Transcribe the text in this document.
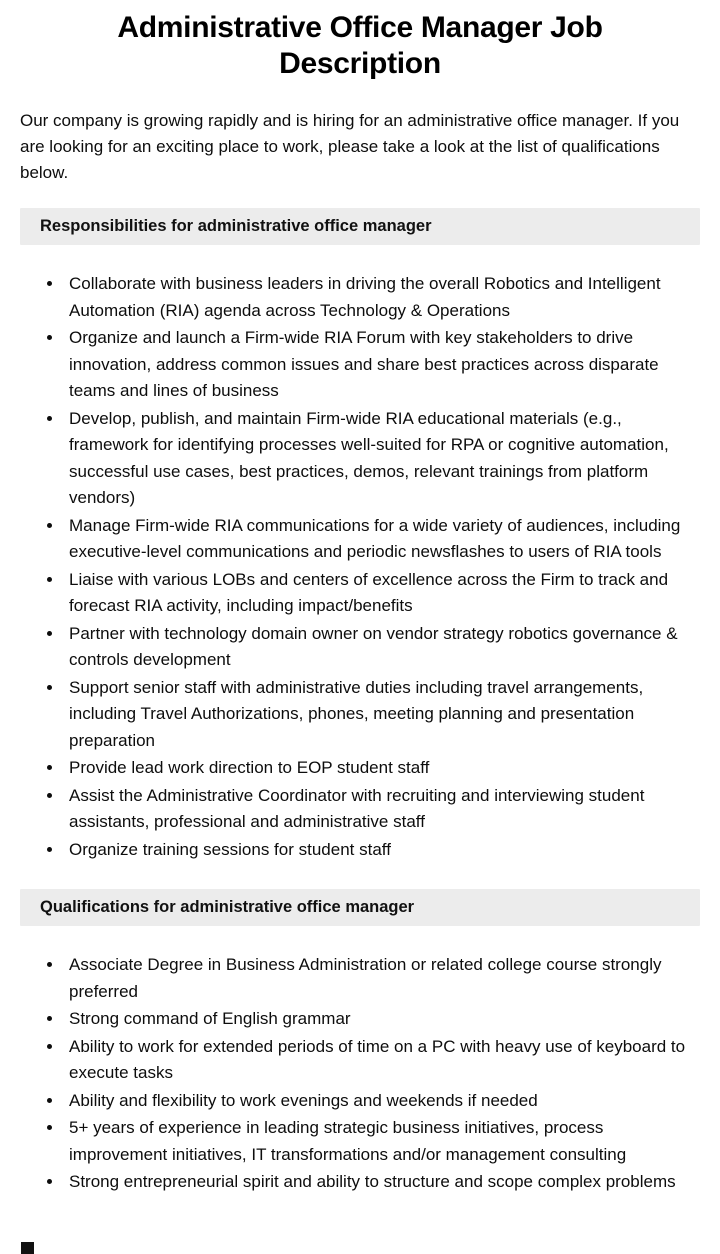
Administrative Office Manager Job Description

Our company is growing rapidly and is hiring for an administrative office manager. If you are looking for an exciting place to work, please take a look at the list of qualifications below.

Responsibilities for administrative office manager
• Collaborate with business leaders in driving the overall Robotics and Intelligent Automation (RIA) agenda across Technology & Operations
• Organize and launch a Firm-wide RIA Forum with key stakeholders to drive innovation, address common issues and share best practices across disparate teams and lines of business
• Develop, publish, and maintain Firm-wide RIA educational materials (e.g., framework for identifying processes well-suited for RPA or cognitive automation, successful use cases, best practices, demos, relevant trainings from platform vendors)
• Manage Firm-wide RIA communications for a wide variety of audiences, including executive-level communications and periodic newsflashes to users of RIA tools
• Liaise with various LOBs and centers of excellence across the Firm to track and forecast RIA activity, including impact/benefits
• Partner with technology domain owner on vendor strategy robotics governance & controls development
• Support senior staff with administrative duties including travel arrangements, including Travel Authorizations, phones, meeting planning and presentation preparation
• Provide lead work direction to EOP student staff
• Assist the Administrative Coordinator with recruiting and interviewing student assistants, professional and administrative staff
• Organize training sessions for student staff
Qualifications for administrative office manager
• Associate Degree in Business Administration or related college course strongly preferred
• Strong command of English grammar
• Ability to work for extended periods of time on a PC with heavy use of keyboard to execute tasks
• Ability and flexibility to work evenings and weekends if needed
• 5+ years of experience in leading strategic business initiatives, process improvement initiatives, IT transformations and/or management consulting
• Strong entrepreneurial spirit and ability to structure and scope complex problems
